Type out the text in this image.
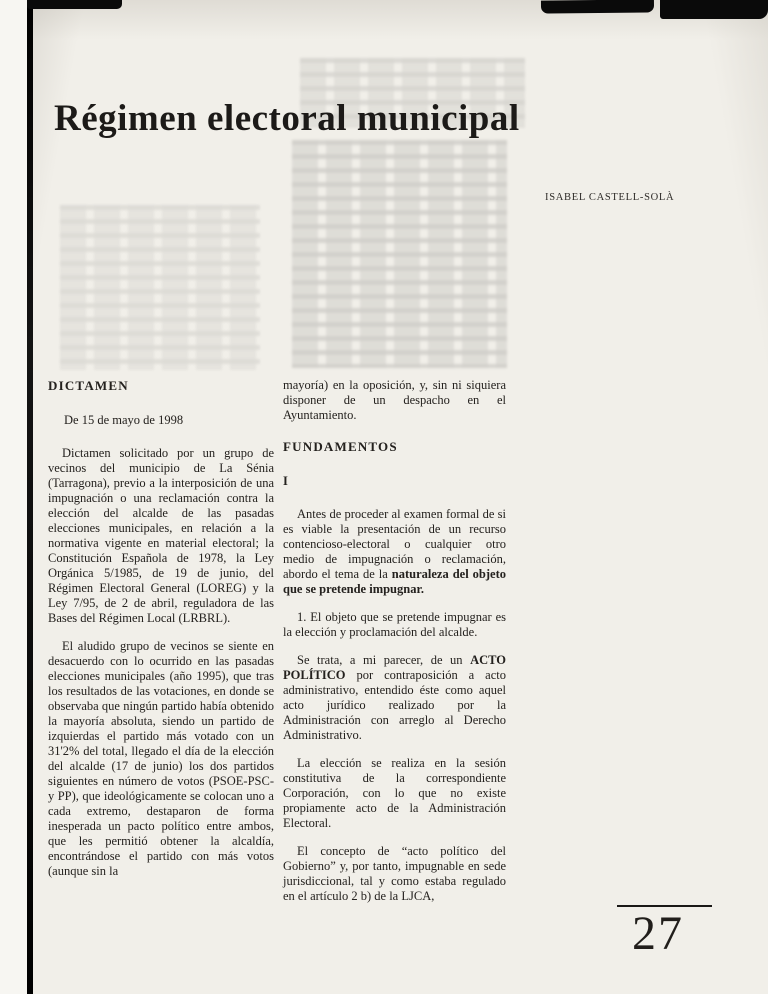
Régimen electoral municipal
ISABEL CASTELL-SOLÀ
DICTAMEN

De 15 de mayo de 1998

Dictamen solicitado por un grupo de vecinos del municipio de La Sénia (Tarragona), previo a la interposición de una impugnación o una reclamación contra la elección del alcalde de las pasadas elecciones municipales, en relación a la normativa vigente en material electoral; la Constitución Española de 1978, la Ley Orgánica 5/1985, de 19 de junio, del Régimen Electoral General (LOREG) y la Ley 7/95, de 2 de abril, reguladora de las Bases del Régimen Local (LRBRL).

El aludido grupo de vecinos se siente en desacuerdo con lo ocurrido en las pasadas elecciones municipales (año 1995), que tras los resultados de las votaciones, en donde se observaba que ningún partido había obtenido la mayoría absoluta, siendo un partido de izquierdas el partido más votado con un 31'2% del total, llegado el día de la elección del alcalde (17 de junio) los dos partidos siguientes en número de votos (PSOE-PSC- y PP), que ideológicamente se colocan uno a cada extremo, destaparon de forma inesperada un pacto político entre ambos, que les permitió obtener la alcaldía, encontrándose el partido con más votos (aunque sin la

mayoría) en la oposición, y, sin ni siquiera disponer de un despacho en el Ayuntamiento.

FUNDAMENTOS
I

Antes de proceder al examen formal de si es viable la presentación de un recurso contencioso-electoral o cualquier otro medio de impugnación o reclamación, abordo el tema de la naturaleza del objeto que se pretende impugnar.

1. El objeto que se pretende impugnar es la elección y proclamación del alcalde.

Se trata, a mi parecer, de un ACTO POLÍTICO por contraposición a acto administrativo, entendido éste como aquel acto jurídico realizado por la Administración con arreglo al Derecho Administrativo.

La elección se realiza en la sesión constitutiva de la correspondiente Corporación, con lo que no existe propiamente acto de la Administración Electoral.

El concepto de “acto político del Gobierno” y, por tanto, impugnable en sede jurisdiccional, tal y como estaba regulado en el artículo 2 b) de la LJCA,

27
